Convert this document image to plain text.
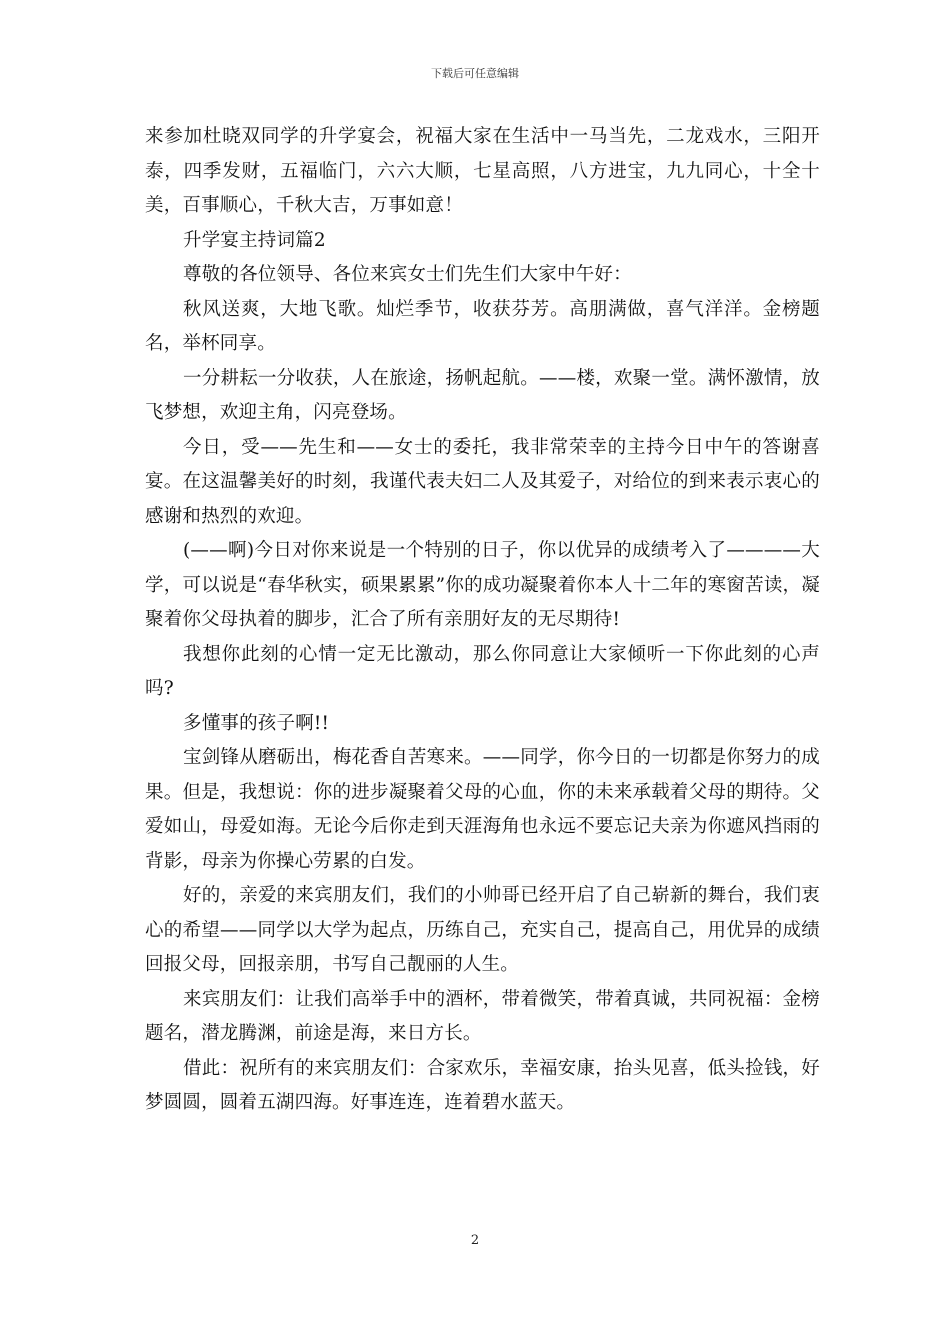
下载后可任意编辑

来参加杜晓双同学的升学宴会，祝福大家在生活中一马当先，二龙戏水，三阳开泰，四季发财，五福临门，六六大顺，七星高照，八方进宝，九九同心，十全十美，百事顺心，千秋大吉，万事如意！

升学宴主持词篇2

尊敬的各位领导、各位来宾女士们先生们大家中午好：

秋风送爽，大地飞歌。灿烂季节，收获芬芳。高朋满做，喜气洋洋。金榜题名，举杯同享。

一分耕耘一分收获，人在旅途，扬帆起航。——楼，欢聚一堂。满怀激情，放飞梦想，欢迎主角，闪亮登场。

今日，受——先生和——女士的委托，我非常荣幸的主持今日中午的答谢喜宴。在这温馨美好的时刻，我谨代表夫妇二人及其爱子，对给位的到来表示衷心的感谢和热烈的欢迎。

(——啊)今日对你来说是一个特别的日子，你以优异的成绩考入了————大学，可以说是“春华秋实，硕果累累”你的成功凝聚着你本人十二年的寒窗苦读，凝聚着你父母执着的脚步，汇合了所有亲朋好友的无尽期待!

我想你此刻的心情一定无比激动，那么你同意让大家倾听一下你此刻的心声吗?

多懂事的孩子啊!!

宝剑锋从磨砺出，梅花香自苦寒来。——同学，你今日的一切都是你努力的成果。但是，我想说：你的进步凝聚着父母的心血，你的未来承载着父母的期待。父爱如山，母爱如海。无论今后你走到天涯海角也永远不要忘记夫亲为你遮风挡雨的背影，母亲为你操心劳累的白发。

好的，亲爱的来宾朋友们，我们的小帅哥已经开启了自己崭新的舞台，我们衷心的希望——同学以大学为起点，历练自己，充实自己，提高自己，用优异的成绩回报父母，回报亲朋，书写自己靓丽的人生。

来宾朋友们：让我们高举手中的酒杯，带着微笑，带着真诚，共同祝福：金榜题名，潜龙腾渊，前途是海，来日方长。

借此：祝所有的来宾朋友们：合家欢乐，幸福安康，抬头见喜，低头捡钱，好梦圆圆，圆着五湖四海。好事连连，连着碧水蓝天。

2
